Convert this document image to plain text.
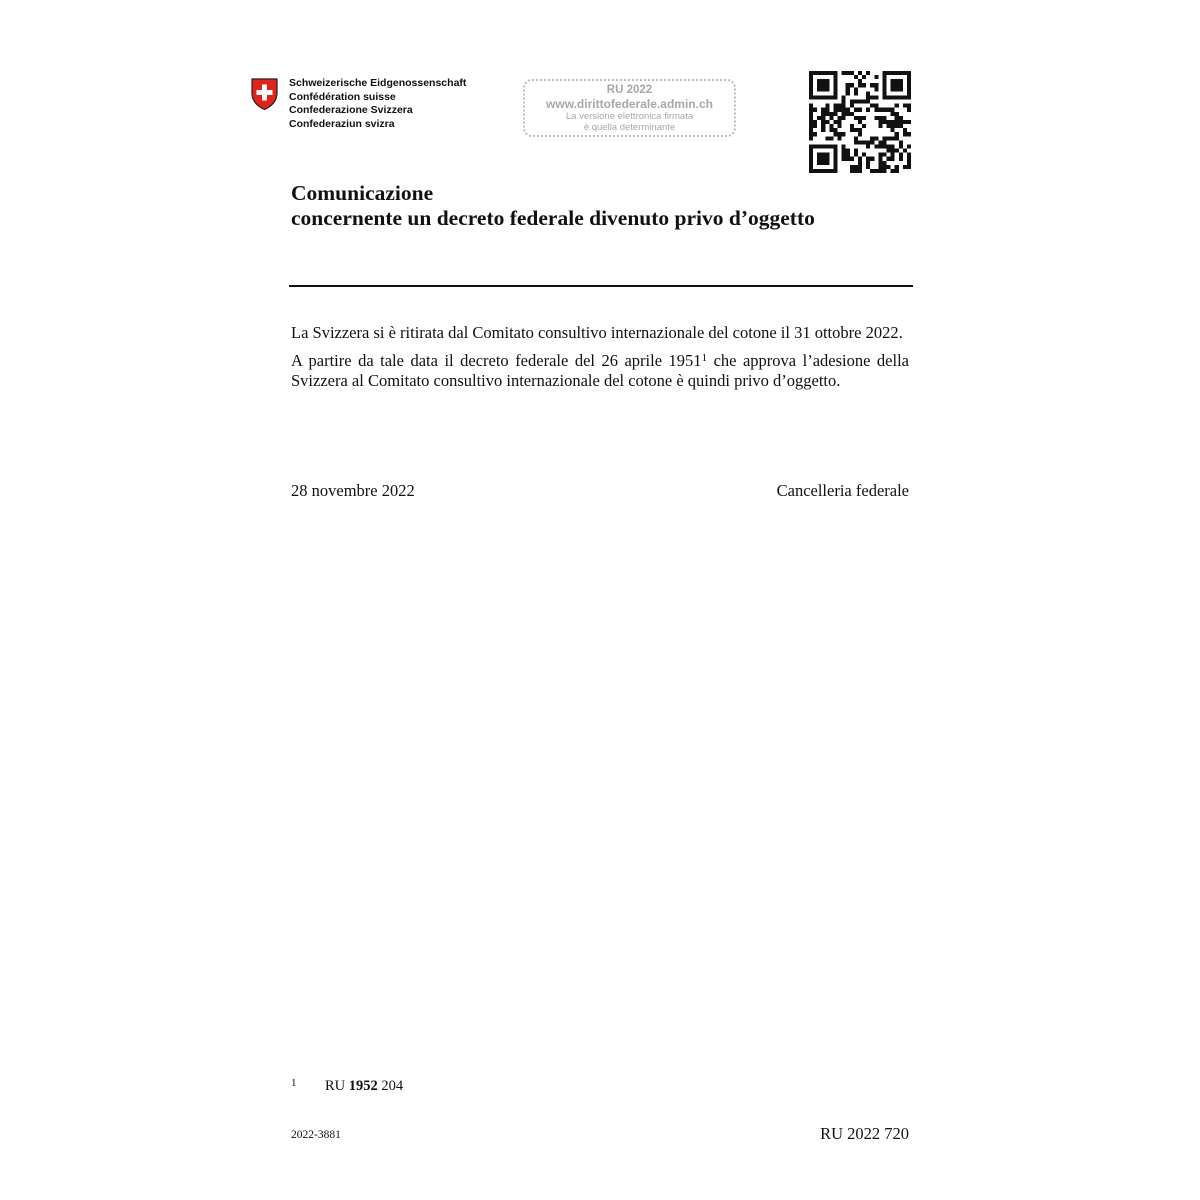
Schweizerische Eidgenossenschaft
Confédération suisse
Confederazione Svizzera
Confederaziun svizra
RU 2022
www.dirittofederale.admin.ch
La versione elettronica firmata
è quella determinante
Comunicazione
concernente un decreto federale divenuto privo d’oggetto

La Svizzera si è ritirata dal Comitato consultivo internazionale del cotone il 31 ottobre 2022.

A partire da tale data il decreto federale del 26 aprile 1951$^1$ che approva l’adesione della Svizzera al Comitato consultivo internazionale del cotone è quindi privo d’oggetto.

28 novembre 2022	Cancelleria federale
1	RU 1952 204
2022-3881	RU 2022 720
